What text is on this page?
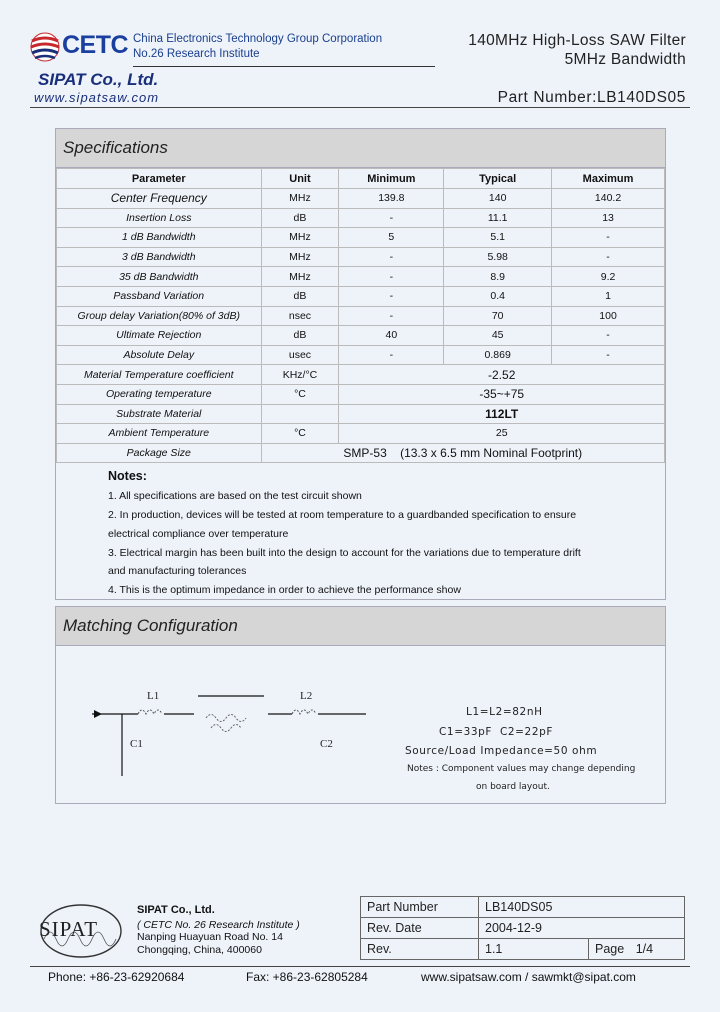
CETC China Electronics Technology Group Corporation
No.26 Research Institute
140MHz High-Loss SAW Filter
5MHz Bandwidth
SIPAT Co., Ltd.
www.sipatsaw.com	Part Number:LB140DS05
Specifications
Parameter	Unit	Minimum	Typical	Maximum
Center Frequency	MHz	139.8	140	140.2
Insertion Loss	dB	-	11.1	13
1 dB Bandwidth	MHz	5	5.1	-
3 dB Bandwidth	MHz	-	5.98	-
35 dB Bandwidth	MHz	-	8.9	9.2
Passband Variation	dB	-	0.4	1
Group delay Variation(80% of 3dB)	nsec	-	70	100
Ultimate Rejection	dB	40	45	-
Absolute Delay	usec	-	0.869	-
Material Temperature coefficient	KHz/°C	-2.52		
Operating temperature	°C	-35~+75		
Substrate Material		112LT		
Ambient Temperature	°C	25		
Package Size	SMP-53    (13.3 x 6.5 mm Nominal Footprint)			
Notes:
1. All specifications are based on the test circuit shown
2. In production, devices will be tested at room temperature to a guardbanded specification to ensure
electrical compliance over temperature
3. Electrical margin has been built into the design to account for the variations due to temperature drift
and manufacturing tolerances
4. This is the optimum impedance in order to achieve the performance show
Matching Configuration
L1	L2
C1	C2
L1=L2=82nH
C1=33pF  C2=22pF
Source/Load Impedance=50 ohm
Notes : Component values may change depending
on board layout.
SIPAT
SIPAT Co., Ltd.
( CETC No. 26 Research Institute )
Nanping Huayuan Road No. 14
Chongqing, China, 400060
Part Number	LB140DS05	
Rev. Date	2004-12-9	
Rev.	1.1	Page 1/4
Phone: +86-23-62920684	Fax: +86-23-62805284	www.sipatsaw.com / sawmkt@sipat.com
